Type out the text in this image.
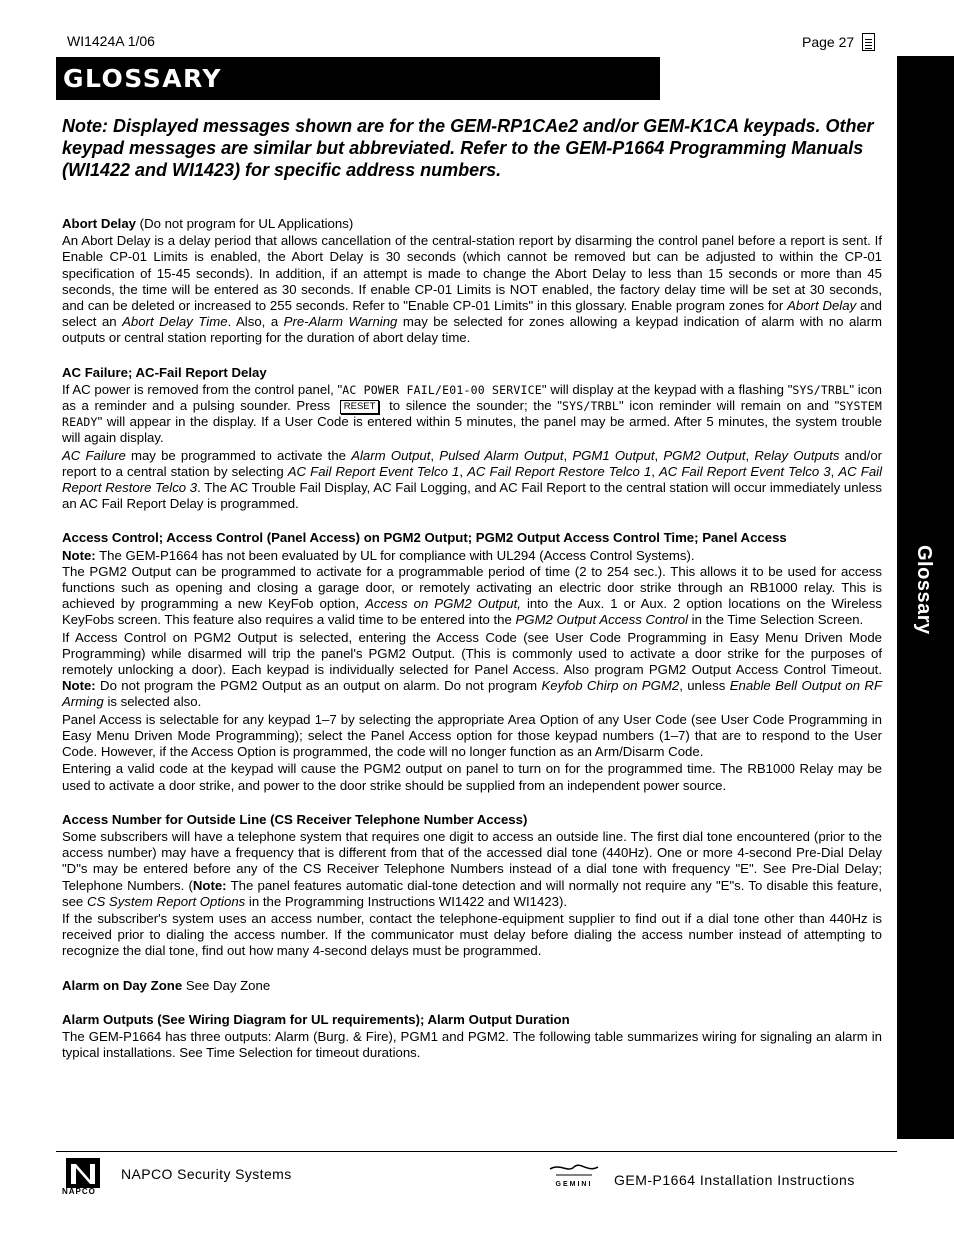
WI1424A 1/06	Page 27
GLOSSARY
Glossary
Note: Displayed messages shown are for the GEM-RP1CAe2 and/or GEM-K1CA keypads. Other keypad messages are similar but abbreviated. Refer to the GEM-P1664 Programming Manuals (WI1422 and WI1423) for specific address numbers.

Abort Delay (Do not program for UL Applications)

An Abort Delay is a delay period that allows cancellation of the central-station report by disarming the control panel before a report is sent. If Enable CP-01 Limits is enabled, the Abort Delay is 30 seconds (which cannot be removed but can be adjusted to within the CP-01 specification of 15-45 seconds). In addition, if an attempt is made to change the Abort Delay to less than 15 seconds or more than 45 seconds, the time will be entered as 30 seconds. If enable CP-01 Limits is NOT enabled, the factory delay time will be set at 30 seconds, and can be deleted or increased to 255 seconds. Refer to "Enable CP-01 Limits" in this glossary. Enable program zones for Abort Delay and select an Abort Delay Time. Also, a Pre-Alarm Warning may be selected for zones allowing a keypad indication of alarm with no alarm outputs or central station reporting for the duration of abort delay time.

AC Failure; AC-Fail Report Delay

If AC power is removed from the control panel, "AC POWER FAIL/E01-00 SERVICE" will display at the keypad with a flashing "SYS/TRBL" icon as a reminder and a pulsing sounder. Press RESET to silence the sounder; the "SYS/TRBL" icon reminder will remain on and "SYSTEM READY" will appear in the display. If a User Code is entered within 5 minutes, the panel may be armed. After 5 minutes, the system trouble will again display.

AC Failure may be programmed to activate the Alarm Output, Pulsed Alarm Output, PGM1 Output, PGM2 Output, Relay Outputs and/or report to a central station by selecting AC Fail Report Event Telco 1, AC Fail Report Restore Telco 1, AC Fail Report Event Telco 3, AC Fail Report Restore Telco 3. The AC Trouble Fail Display, AC Fail Logging, and AC Fail Report to the central station will occur immediately unless an AC Fail Report Delay is programmed.

Access Control; Access Control (Panel Access) on PGM2 Output; PGM2 Output Access Control Time; Panel Access

Note: The GEM-P1664 has not been evaluated by UL for compliance with UL294 (Access Control Systems).
The PGM2 Output can be programmed to activate for a programmable period of time (2 to 254 sec.). This allows it to be used for access functions such as opening and closing a garage door, or remotely activating an electric door strike through an RB1000 relay. This is achieved by programming a new KeyFob option, Access on PGM2 Output, into the Aux. 1 or Aux. 2 option locations on the Wireless KeyFobs screen. This feature also requires a valid time to be entered into the PGM2 Output Access Control in the Time Selection Screen.

If Access Control on PGM2 Output is selected, entering the Access Code (see User Code Programming in Easy Menu Driven Mode Programming) while disarmed will trip the panel's PGM2 Output. (This is commonly used to activate a door strike for the purposes of remotely unlocking a door). Each keypad is individually selected for Panel Access. Also program PGM2 Output Access Control Timeout. Note: Do not program the PGM2 Output as an output on alarm. Do not program Keyfob Chirp on PGM2, unless Enable Bell Output on RF Arming is selected also.

Panel Access is selectable for any keypad 1–7 by selecting the appropriate Area Option of any User Code (see User Code Programming in Easy Menu Driven Mode Programming); select the Panel Access option for those keypad numbers (1–7) that are to respond to the User Code. However, if the Access Option is programmed, the code will no longer function as an Arm/Disarm Code.

Entering a valid code at the keypad will cause the PGM2 output on panel to turn on for the programmed time. The RB1000 Relay may be used to activate a door strike, and power to the door strike should be supplied from an independent power source.

Access Number for Outside Line (CS Receiver Telephone Number Access)

Some subscribers will have a telephone system that requires one digit to access an outside line. The first dial tone encountered (prior to the access number) may have a frequency that is different from that of the accessed dial tone (440Hz). One or more 4-second Pre-Dial Delay "D"s may be entered before any of the CS Receiver Telephone Numbers instead of a dial tone with frequency "E". See Pre-Dial Delay; Telephone Numbers. (Note: The panel features automatic dial-tone detection and will normally not require any "E"s. To disable this feature, see CS System Report Options in the Programming Instructions WI1422 and WI1423).

If the subscriber's system uses an access number, contact the telephone-equipment supplier to find out if a dial tone other than 440Hz is received prior to dialing the access number. If the communicator must delay before dialing the access number instead of attempting to recognize the dial tone, find out how many 4-second delays must be programmed.

Alarm on Day Zone See Day Zone

Alarm Outputs (See Wiring Diagram for UL requirements); Alarm Output Duration

The GEM-P1664 has three outputs: Alarm (Burg. & Fire), PGM1 and PGM2. The following table summarizes wiring for signaling an alarm in typical installations. See Time Selection for timeout durations.

NAPCO
NAPCO Security Systems
GEMINI GEM-P1664 Installation Instructions
